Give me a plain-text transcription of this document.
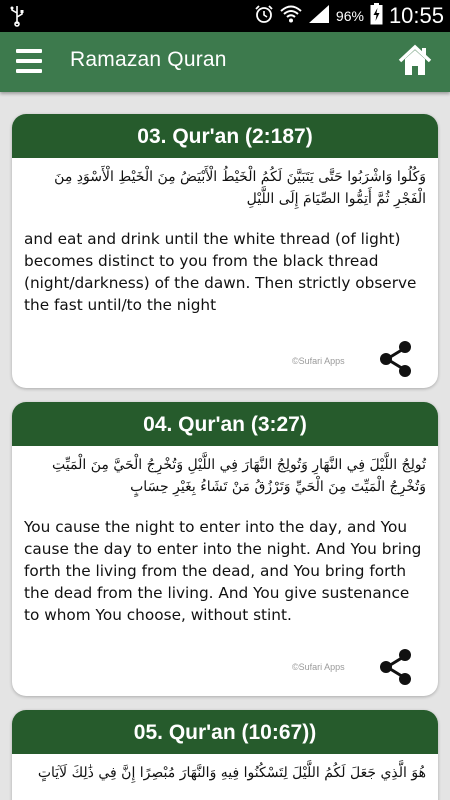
96% 10:55
Ramazan Quran
03. Qur'an (2:187)
وَكُلُوا وَاشْرَبُوا حَتَّى يَتَبَيَّنَ لَكُمُ الْخَيْطُ الْأَبْيَضُ مِنَ الْخَيْطِ الْأَسْوَدِ مِنَ الْفَجْرِ ثُمَّ أَتِمُّوا الصِّيَامَ إِلَى اللَّيْلِ
and eat and drink until the white thread (of light) becomes distinct to you from the black thread (night/darkness) of the dawn. Then strictly observe the fast until/to the night
©Sufari Apps
04. Qur'an (3:27)
تُولِجُ اللَّيْلَ فِي النَّهَارِ وَتُولِجُ النَّهَارَ فِي اللَّيْلِ وَتُخْرِجُ الْحَيَّ مِنَ الْمَيِّتِ وَتُخْرِجُ الْمَيِّتَ مِنَ الْحَيِّ وَتَرْزُقُ مَنْ تَشَاءُ بِغَيْرِ حِسَابٍ
You cause the night to enter into the day, and You cause the day to enter into the night. And You bring forth the living from the dead, and You bring forth the dead from the living. And You give sustenance to whom You choose, without stint.
©Sufari Apps
05. Qur'an (10:67))
هُوَ الَّذِي جَعَلَ لَكُمُ اللَّيْلَ لِتَسْكُنُوا فِيهِ وَالنَّهَارَ مُبْصِرًا إِنَّ فِي ذَٰلِكَ لَآيَاتٍ
